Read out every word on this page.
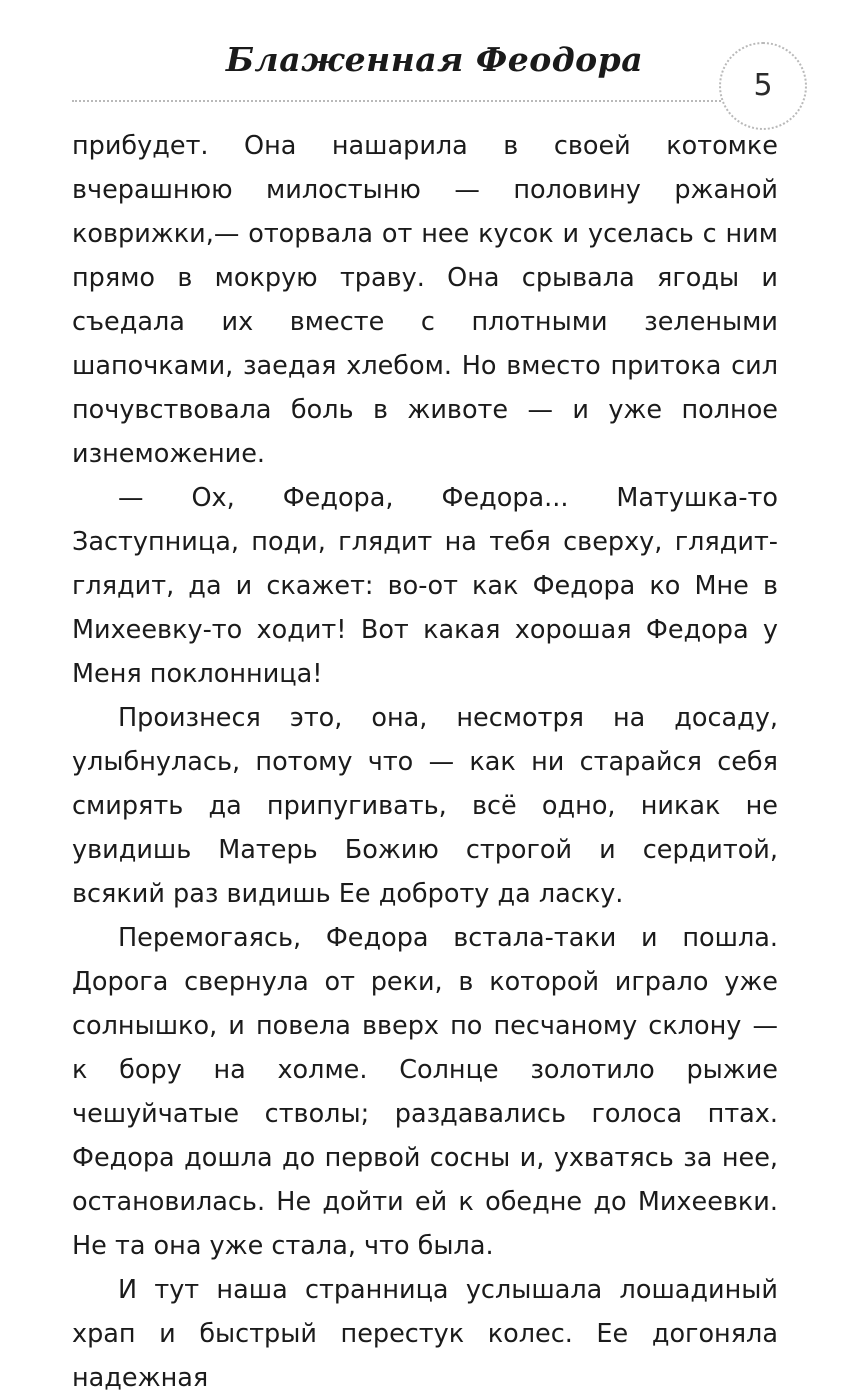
Блаженная Феодора
5

прибудет. Она нашарила в своей котомке вчерашнюю милостыню — половину ржаной коврижки,— оторвала от нее кусок и уселась с ним прямо в мокрую траву. Она срывала ягоды и съедала их вместе с плотными зелеными шапочками, заедая хлебом. Но вместо притока сил почувствовала боль в животе — и уже полное изнеможение.

— Ох, Федора, Федора... Матушка-то Заступница, поди, глядит на тебя сверху, глядит-глядит, да и скажет: во-от как Федора ко Мне в Михеевку-то ходит! Вот какая хорошая Федора у Меня поклонница!

Произнеся это, она, несмотря на досаду, улыбнулась, потому что — как ни старайся себя смирять да припугивать, всё одно, никак не увидишь Матерь Божию строгой и сердитой, всякий раз видишь Ее доброту да ласку.

Перемогаясь, Федора встала-таки и пошла. Дорога свернула от реки, в которой играло уже солнышко, и повела вверх по песчаному склону — к бору на холме. Солнце золотило рыжие чешуйчатые стволы; раздавались голоса птах. Федора дошла до первой сосны и, ухватясь за нее, остановилась. Не дойти ей к обедне до Михеевки. Не та она уже стала, что была.

И тут наша странница услышала лошадиный храп и быстрый перестук колес. Ее догоняла надежная
